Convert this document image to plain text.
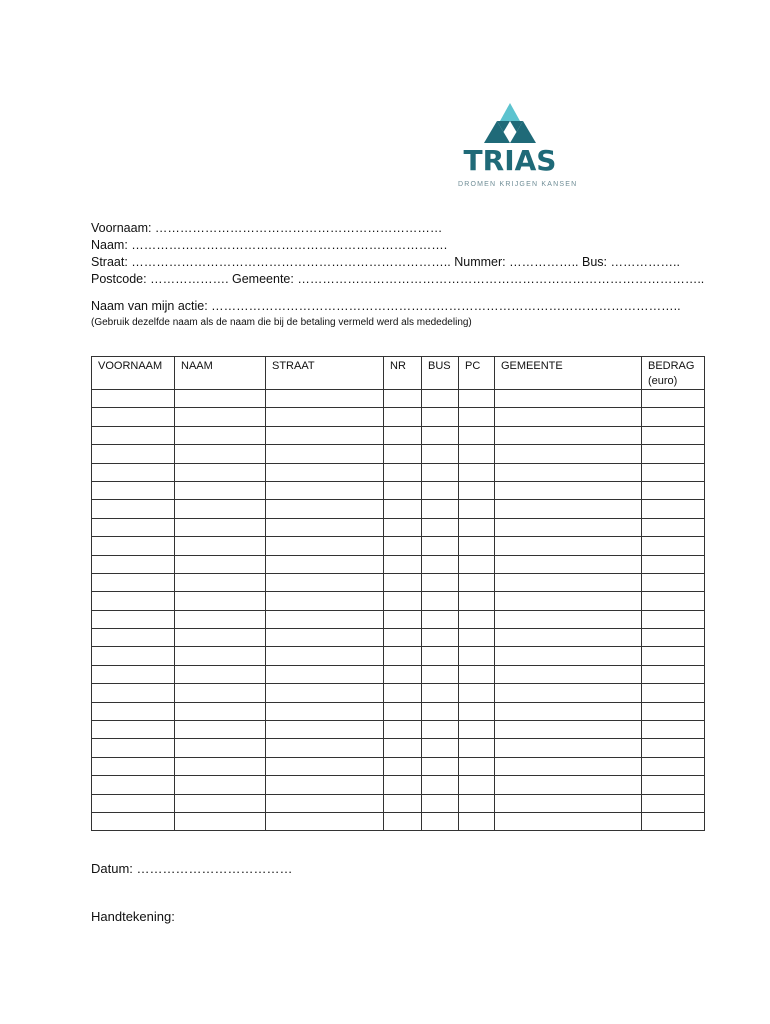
TRIAS
DROMEN KRIJGEN KANSEN
Voornaam: ……………………………………………………………
Naam: ………………………………………………………………….
Straat: ………………………………………………………………….. Nummer: …………….. Bus: ……………..
Postcode: ………………. Gemeente: ……………………………………………………………………………………..
Naam van mijn actie: …………………………………………………………………………………………………..
(Gebruik dezelfde naam als de naam die bij de betaling vermeld werd als mededeling)
VOORNAAM	NAAM	STRAAT	NR	BUS	PC	GEMEENTE	BEDRAG (euro)

Datum: ………………………………
Handtekening:
